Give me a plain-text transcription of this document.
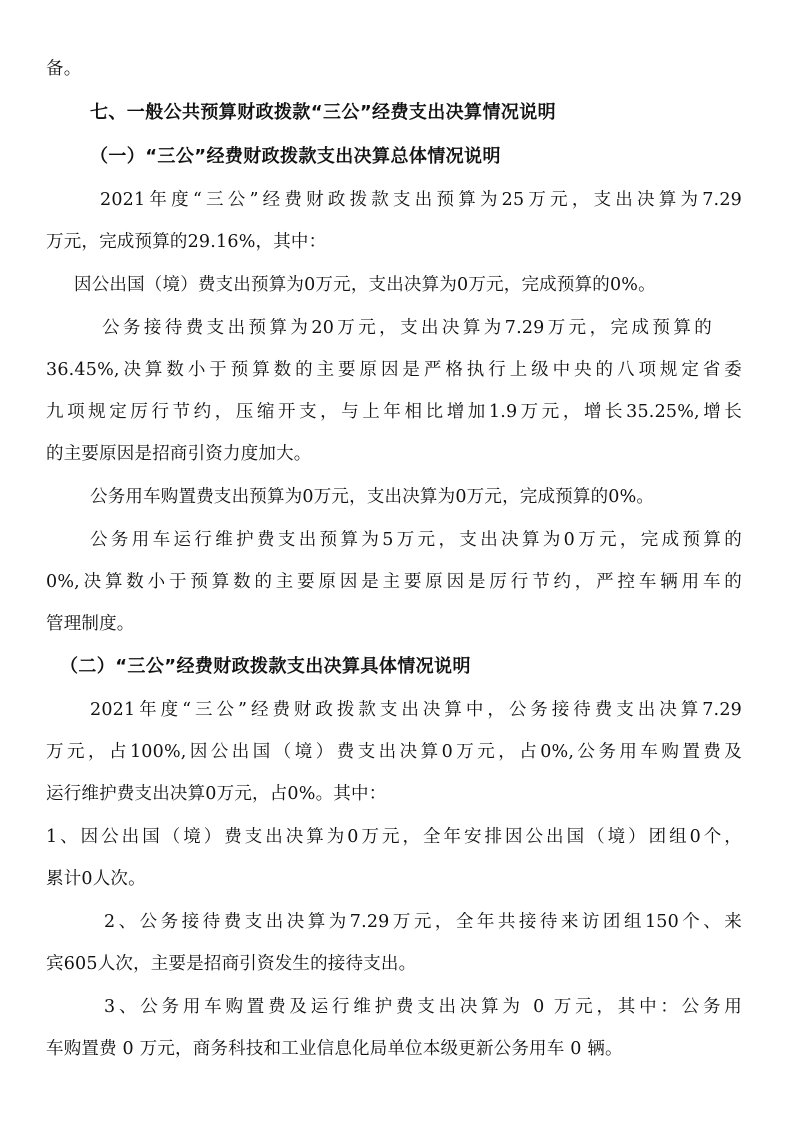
备。
七、一般公共预算财政拨款“三公”经费支出决算情况说明
（一）“三公”经费财政拨款支出决算总体情况说明
2021年度“三公”经费财政拨款支出预算为25万元，支出决算为7.29
万元，完成预算的29.16%，其中：
因公出国（境）费支出预算为0万元，支出决算为0万元，完成预算的0%。
公务接待费支出预算为20万元，支出决算为7.29万元，完成预算的
36.45%,决算数小于预算数的主要原因是严格执行上级中央的八项规定省委
九项规定厉行节约，压缩开支，与上年相比增加1.9万元，增长35.25%,增长
的主要原因是招商引资力度加大。
公务用车购置费支出预算为0万元，支出决算为0万元，完成预算的0%。
公务用车运行维护费支出预算为5万元，支出决算为0万元，完成预算的
0%,决算数小于预算数的主要原因是主要原因是厉行节约，严控车辆用车的
管理制度。
（二）“三公”经费财政拨款支出决算具体情况说明
2021年度“三公”经费财政拨款支出决算中，公务接待费支出决算7.29
万元，占100%,因公出国（境）费支出决算0万元，占0%,公务用车购置费及
运行维护费支出决算0万元，占0%。其中：
1、因公出国（境）费支出决算为0万元，全年安排因公出国（境）团组0个，
累计0人次。
2、公务接待费支出决算为7.29万元，全年共接待来访团组150个、来
宾605人次，主要是招商引资发生的接待支出。
3、公务用车购置费及运行维护费支出决算为 0 万元，其中：公务用
车购置费 0 万元，商务科技和工业信息化局单位本级更新公务用车 0 辆。
